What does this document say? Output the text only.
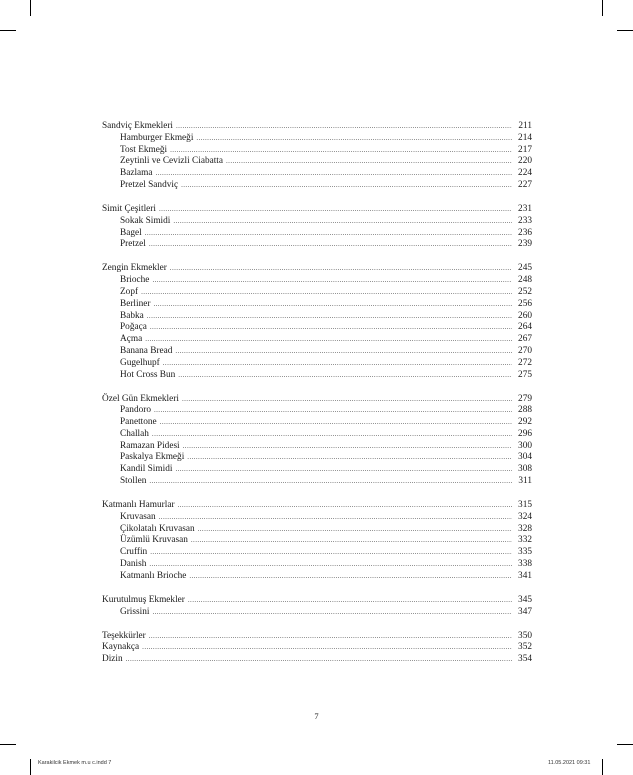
Sandviç Ekmekleri .....	211
Hamburger Ekmeği .....	214
Tost Ekmeği .....	217
Zeytinli ve Cevizli Ciabatta .....	220
Bazlama .....	224
Pretzel Sandviç .....	227
Simit Çeşitleri .....	231
Sokak Simidi .....	233
Bagel .....	236
Pretzel .....	239
Zengin Ekmekler .....	245
Brioche .....	248
Zopf .....	252
Berliner .....	256
Babka .....	260
Poğaça .....	264
Açma .....	267
Banana Bread .....	270
Gugelhupf .....	272
Hot Cross Bun .....	275
Özel Gün Ekmekleri .....	279
Pandoro .....	288
Panettone .....	292
Challah .....	296
Ramazan Pidesi .....	300
Paskalya Ekmeği .....	304
Kandil Simidi .....	308
Stollen .....	311
Katmanlı Hamurlar .....	315
Kruvasan .....	324
Çikolatalı Kruvasan .....	328
Üzümlü Kruvasan .....	332
Cruffin .....	335
Danish .....	338
Katmanlı Brioche .....	341
Kurutulmuş Ekmekler .....	345
Grissini .....	347
Teşekkürler .....	350
Kaynakça .....	352
Dizin .....	354
7
Karakilcik Ekmek m.u c.indd 7	11.05.2021 09:31
